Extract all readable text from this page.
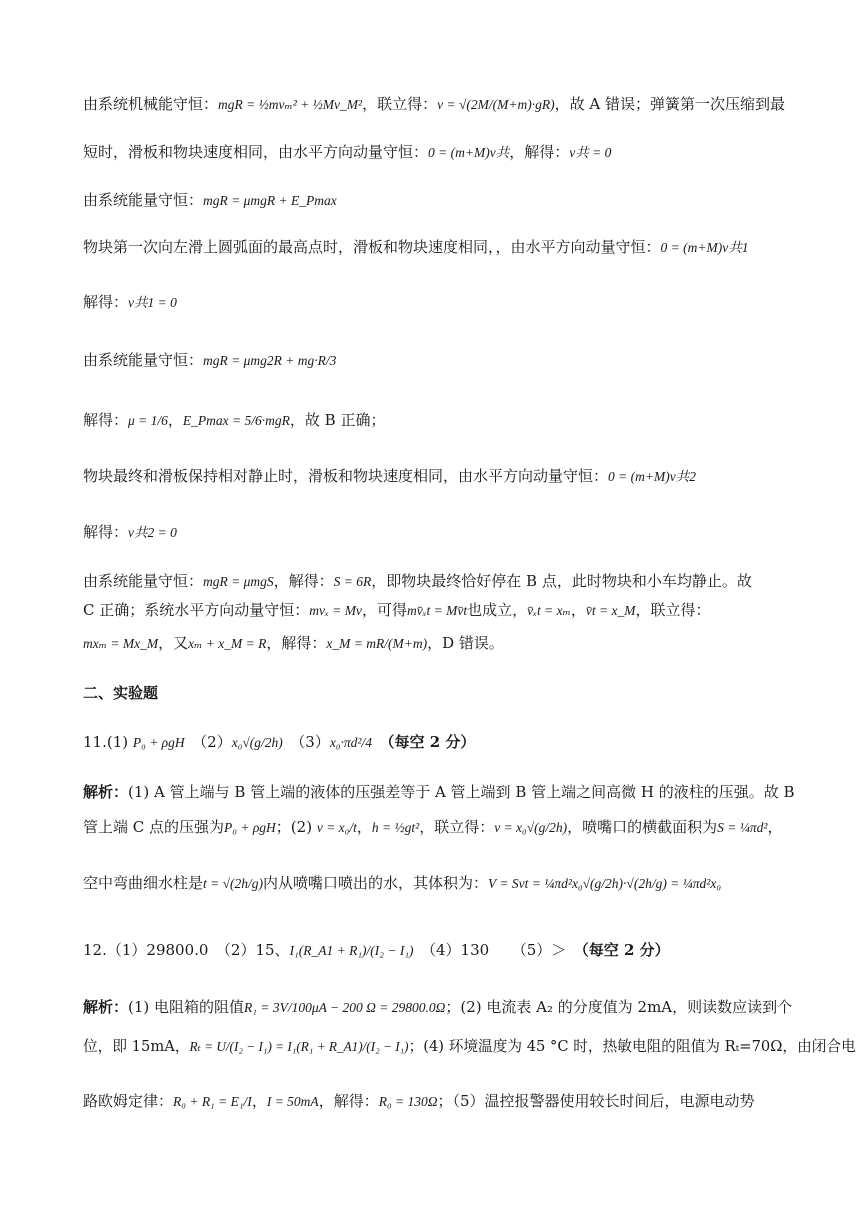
由系统机械能守恒：mgR = ½mvₘ² + ½Mv_M²，联立得：v = √(2M/(M+m)·gR)，故 A 错误；弹簧第一次压缩到最
短时，滑板和物块速度相同，由水平方向动量守恒：0 = (m+M)v共，解得：v共 = 0
由系统能量守恒：mgR = μmgR + E_Pmax
物块第一次向左滑上圆弧面的最高点时，滑板和物块速度相同，，由水平方向动量守恒：0 = (m+M)v共1
解得：v共1 = 0
由系统能量守恒：mgR = μmg2R + mg·R/3
解得：μ = 1/6，E_Pmax = 5/6·mgR，故 B 正确；
物块最终和滑板保持相对静止时，滑板和物块速度相同，由水平方向动量守恒：0 = (m+M)v共2
解得：v共2 = 0
由系统能量守恒：mgR = μmgS，解得：S = 6R，即物块最终恰好停在 B 点，此时物块和小车均静止。故
C 正确；系统水平方向动量守恒：mvₓ = Mv，可得mv̄ₓt = Mv̄t也成立，v̄ₓt = xₘ，v̄t = x_M，联立得：
mxₘ = Mx_M，又xₘ + x_M = R，解得：x_M = mR/(M+m)，D 错误。
二、实验题
11.(1) P₀ + ρgH　（2）x₀√(g/2h)　（3）x₀·πd²/4　（每空 2 分）
解析：(1) A 管上端与 B 管上端的液体的压强差等于 A 管上端到 B 管上端之间高微 H 的液柱的压强。故 B
管上端 C 点的压强为P₀ + ρgH；(2) v = x₀/t，h = ½gt²，联立得：v = x₀√(g/2h)，喷嘴口的横截面积为S = ¼πd²，
空中弯曲细水柱是t = √(2h/g)内从喷嘴口喷出的水，其体积为：V = Svt = ¼πd²x₀√(g/2h)·√(2h/g) = ¼πd²x₀
12.（1）29800.0　（2）15、I₁(R_A1 + R₁)/(I₂ − I₁)　（4）130　　（5）＞　（每空 2 分）
解析：(1) 电阻箱的阻值R₁ = 3V/100μA − 200 Ω = 29800.0Ω；(2) 电流表 A₂ 的分度值为 2mA，则读数应读到个
位，即 15mA，Rₜ = U/(I₂ − I₁) = I₁(R₁ + R_A1)/(I₂ − I₁)；(4) 环境温度为 45 °C 时，热敏电阻的阻值为 Rₜ=70Ω，由闭合电
路欧姆定律：R₀ + R₁ = E₁/I，I = 50mA，解得：R₀ = 130Ω；（5）温控报警器使用较长时间后，电源电动势
